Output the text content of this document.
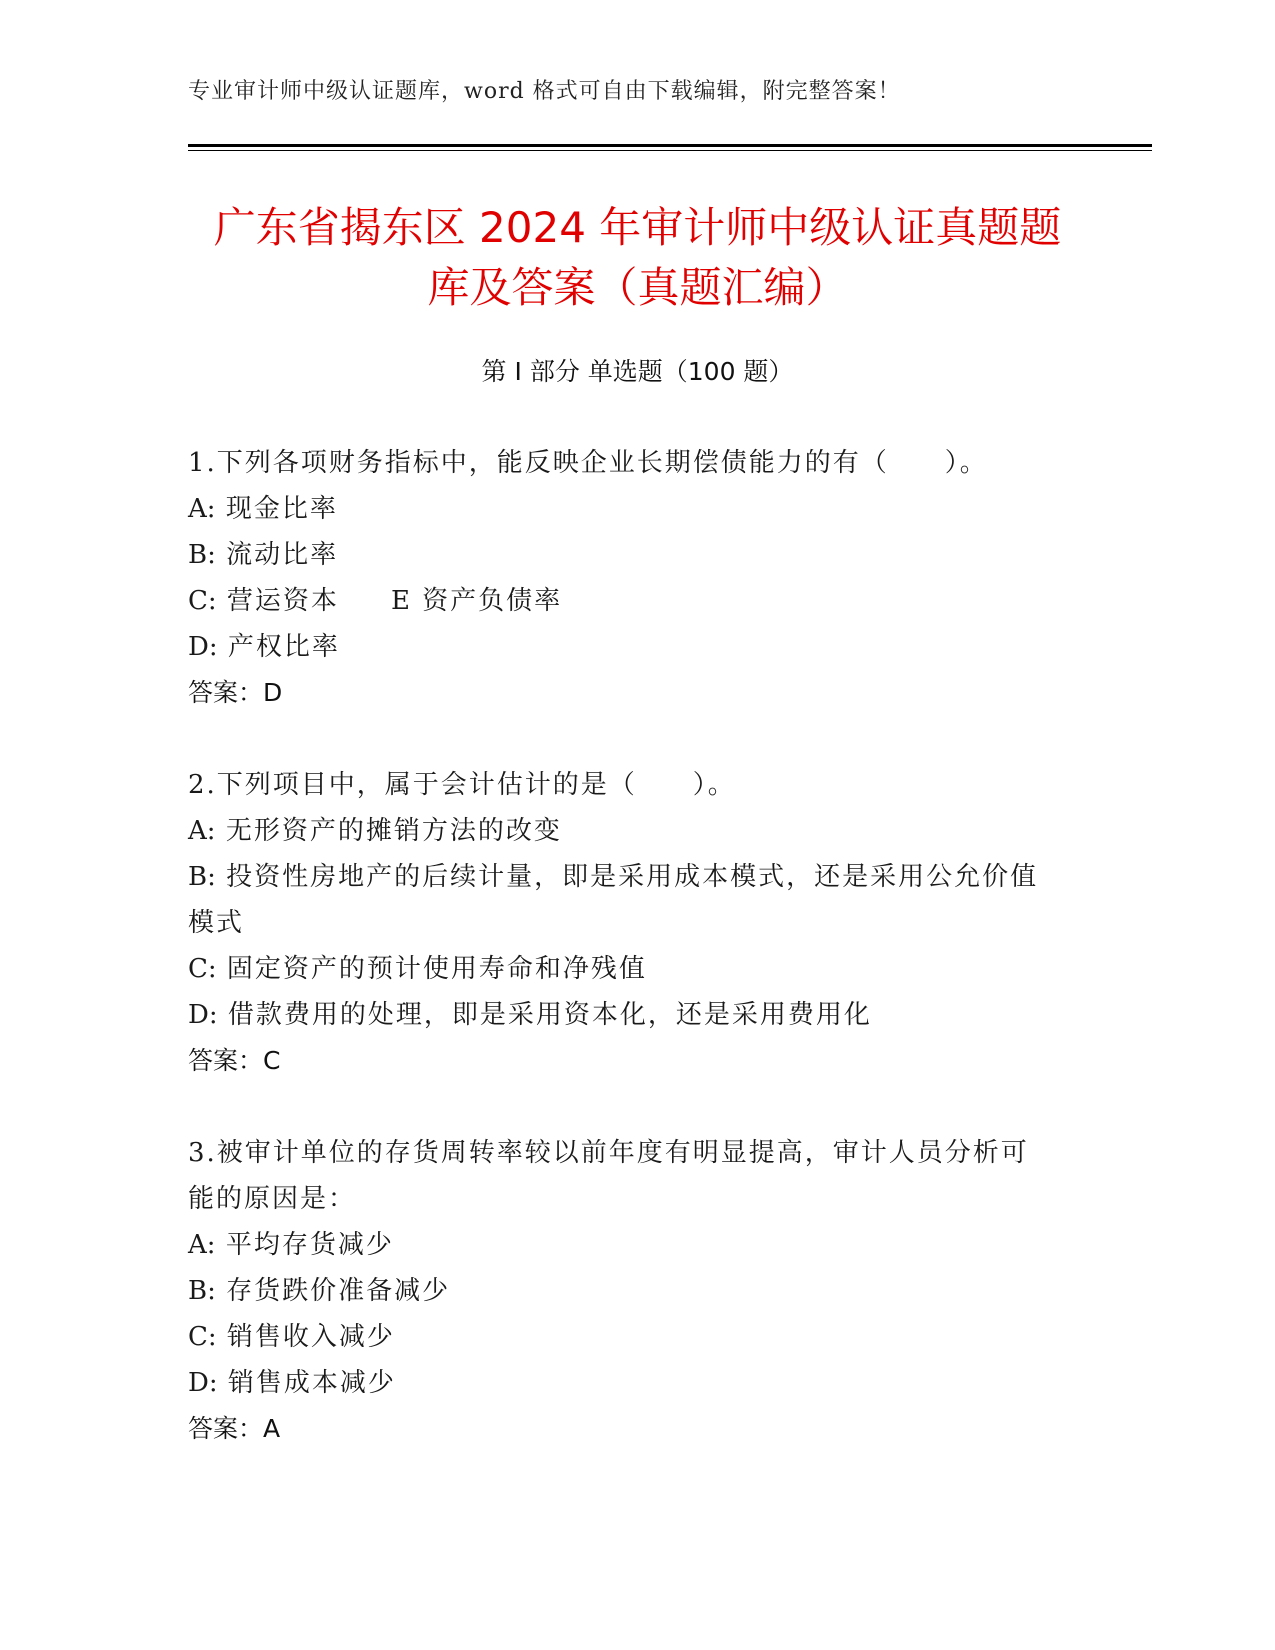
专业审计师中级认证题库，word 格式可自由下载编辑，附完整答案！
广东省揭东区 2024 年审计师中级认证真题题
库及答案（真题汇编）
第 I 部分 单选题（100 题）
1.下列各项财务指标中，能反映企业长期偿债能力的有（　　）。
A: 现金比率
B: 流动比率
C: 营运资本 E 资产负债率
D: 产权比率
答案：D
2.下列项目中，属于会计估计的是（　　）。
A: 无形资产的摊销方法的改变
B: 投资性房地产的后续计量，即是采用成本模式，还是采用公允价值
模式
C: 固定资产的预计使用寿命和净残值
D: 借款费用的处理，即是采用资本化，还是采用费用化
答案：C
3.被审计单位的存货周转率较以前年度有明显提高，审计人员分析可
能的原因是：
A: 平均存货减少
B: 存货跌价准备减少
C: 销售收入减少
D: 销售成本减少
答案：A
